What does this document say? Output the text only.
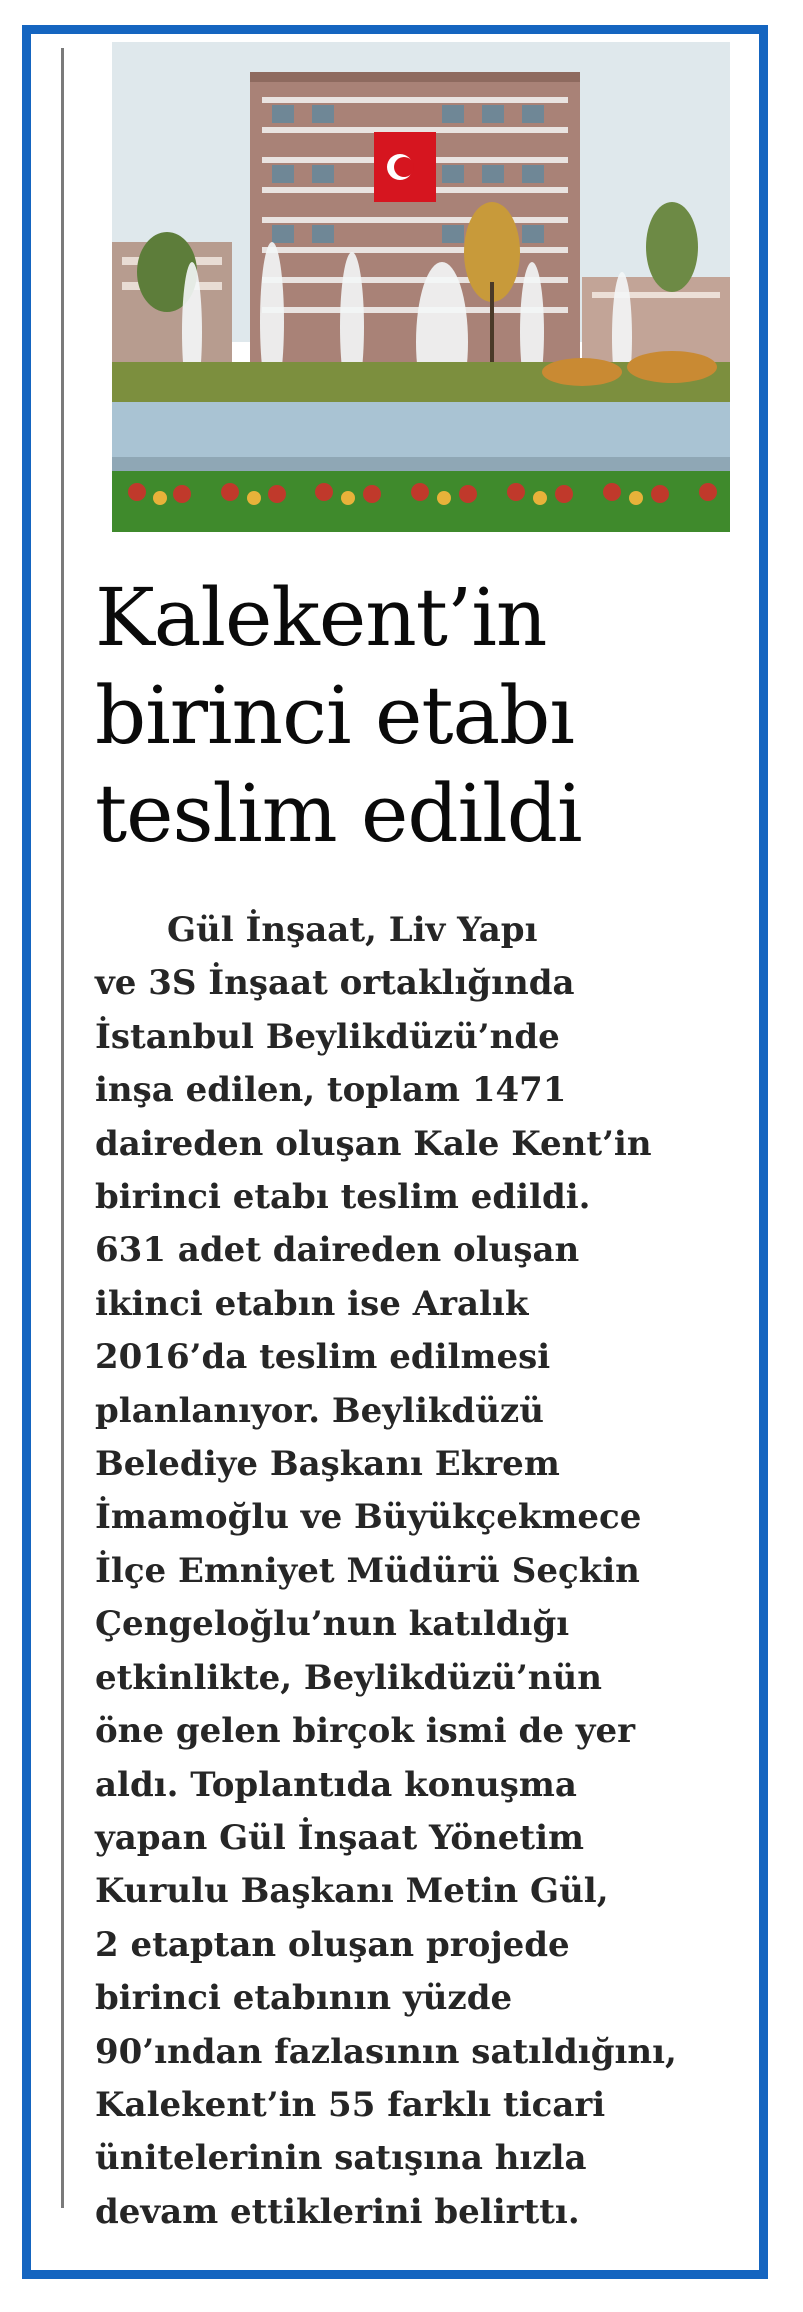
Kalekent’in
birinci etabı
teslim edildi
Gül İnşaat, Liv Yapı
ve 3S İnşaat ortaklığında
İstanbul Beylikdüzü’nde
inşa edilen, toplam 1471
daireden oluşan Kale Kent’in
birinci etabı teslim edildi.
631 adet daireden oluşan
ikinci etabın ise Aralık
2016’da teslim edilmesi
planlanıyor. Beylikdüzü
Belediye Başkanı Ekrem
İmamoğlu ve Büyükçekmece
İlçe Emniyet Müdürü Seçkin
Çengeloğlu’nun katıldığı
etkinlikte, Beylikdüzü’nün
öne gelen birçok ismi de yer
aldı. Toplantıda konuşma
yapan Gül İnşaat Yönetim
Kurulu Başkanı Metin Gül,
2 etaptan oluşan projede
birinci etabının yüzde
90’ından fazlasının satıldığını,
Kalekent’in 55 farklı ticari
ünitelerinin satışına hızla
devam ettiklerini belirttı.
